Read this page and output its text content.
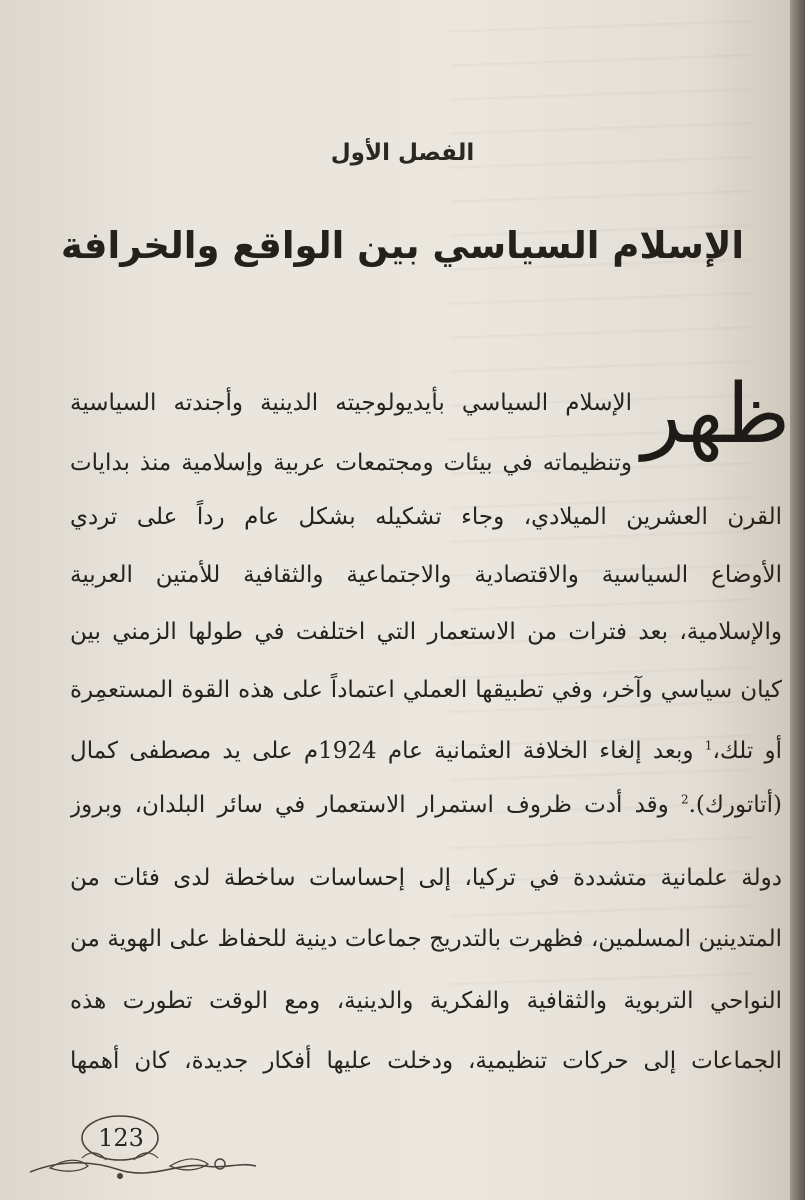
الفصل الأول
الإسلام السياسي بين الواقع والخرافة
ظهر
الإسلام السياسي بأيديولوجيته الدينية وأجندته السياسية
وتنظيماته في بيئات ومجتمعات عربية وإسلامية منذ بدايات
القرن العشرين الميلادي، وجاء تشكيله بشكل عام رداً على تردي
الأوضاع السياسية والاقتصادية والاجتماعية والثقافية للأمتين العربية
والإسلامية، بعد فترات من الاستعمار التي اختلفت في طولها الزمني بين
كيان سياسي وآخر، وفي تطبيقها العملي اعتماداً على هذه القوة المستعمِرة
أو تلك،$^1$ وبعد إلغاء الخلافة العثمانية عام 1924م على يد مصطفى كمال
(أتاتورك).$^2$ وقد أدت ظروف استمرار الاستعمار في سائر البلدان، وبروز
دولة علمانية متشددة في تركيا، إلى إحساسات ساخطة لدى فئات من
المتدينين المسلمين، فظهرت بالتدريج جماعات دينية للحفاظ على الهوية من
النواحي التربوية والثقافية والفكرية والدينية، ومع الوقت تطورت هذه
الجماعات إلى حركات تنظيمية، ودخلت عليها أفكار جديدة، كان أهمها
123
